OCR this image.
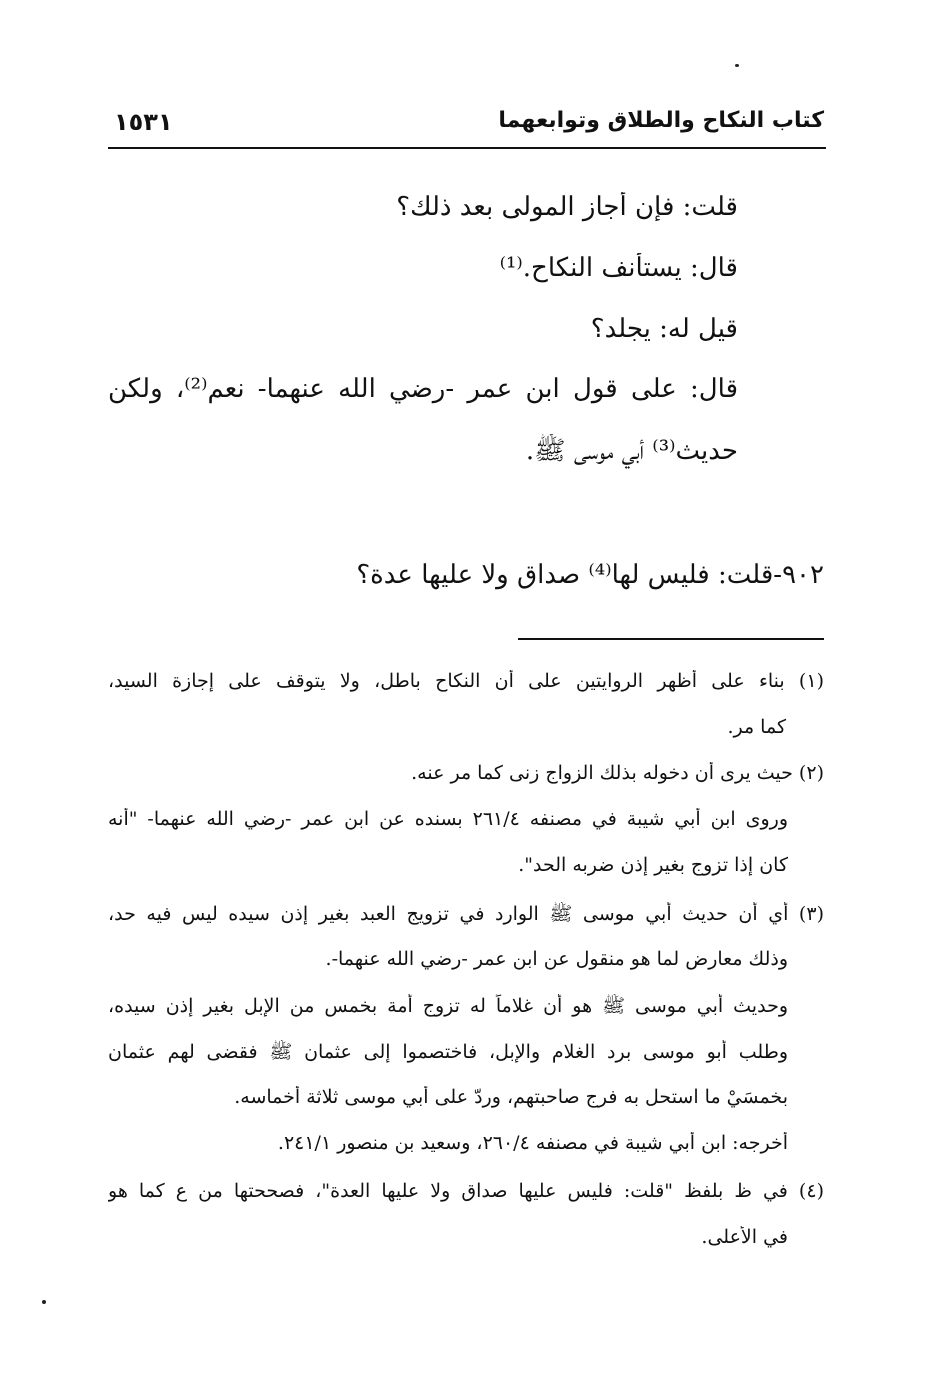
كتاب النكاح والطلاق وتوابعهما
١٥٣١
قلت: فإن أجاز المولى بعد ذلك؟
قال: يستأنف النكاح.⁽¹⁾
قيل له: يجلد؟
قال: على قول ابن عمر -رضي الله عنهما- نعم⁽²⁾، ولكن
حديث⁽³⁾ أبي موسى ﷺ.
٩٠٢-قلت: فليس لها⁽⁴⁾ صداق ولا عليها عدة؟
(١) بناء على أظهر الروايتين على أن النكاح باطل، ولا يتوقف على إجازة السيد،
كما مر.
(٢) حيث يرى أن دخوله بذلك الزواج زنى كما مر عنه.
وروى ابن أبي شيبة في مصنفه ٢٦١/٤ بسنده عن ابن عمر -رضي الله عنهما- "أنه
كان إذا تزوج بغير إذن ضربه الحد".
(٣) أي أن حديث أبي موسى ﷺ الوارد في تزويج العبد بغير إذن سيده ليس فيه حد،
وذلك معارض لما هو منقول عن ابن عمر -رضي الله عنهما-.
وحديث أبي موسى ﷺ هو أن غلاماً له تزوج أمة بخمس من الإبل بغير إذن سيده،
وطلب أبو موسى برد الغلام والإبل، فاختصموا إلى عثمان ﷺ فقضى لهم عثمان
بخمسَيْ ما استحل به فرج صاحبتهم، وردّ على أبي موسى ثلاثة أخماسه.
أخرجه: ابن أبي شيبة في مصنفه ٢٦٠/٤، وسعيد بن منصور ٢٤١/١.
(٤) في ظ بلفظ "قلت: فليس عليها صداق ولا عليها العدة"، فصححتها من ع كما هو
في الأعلى.
